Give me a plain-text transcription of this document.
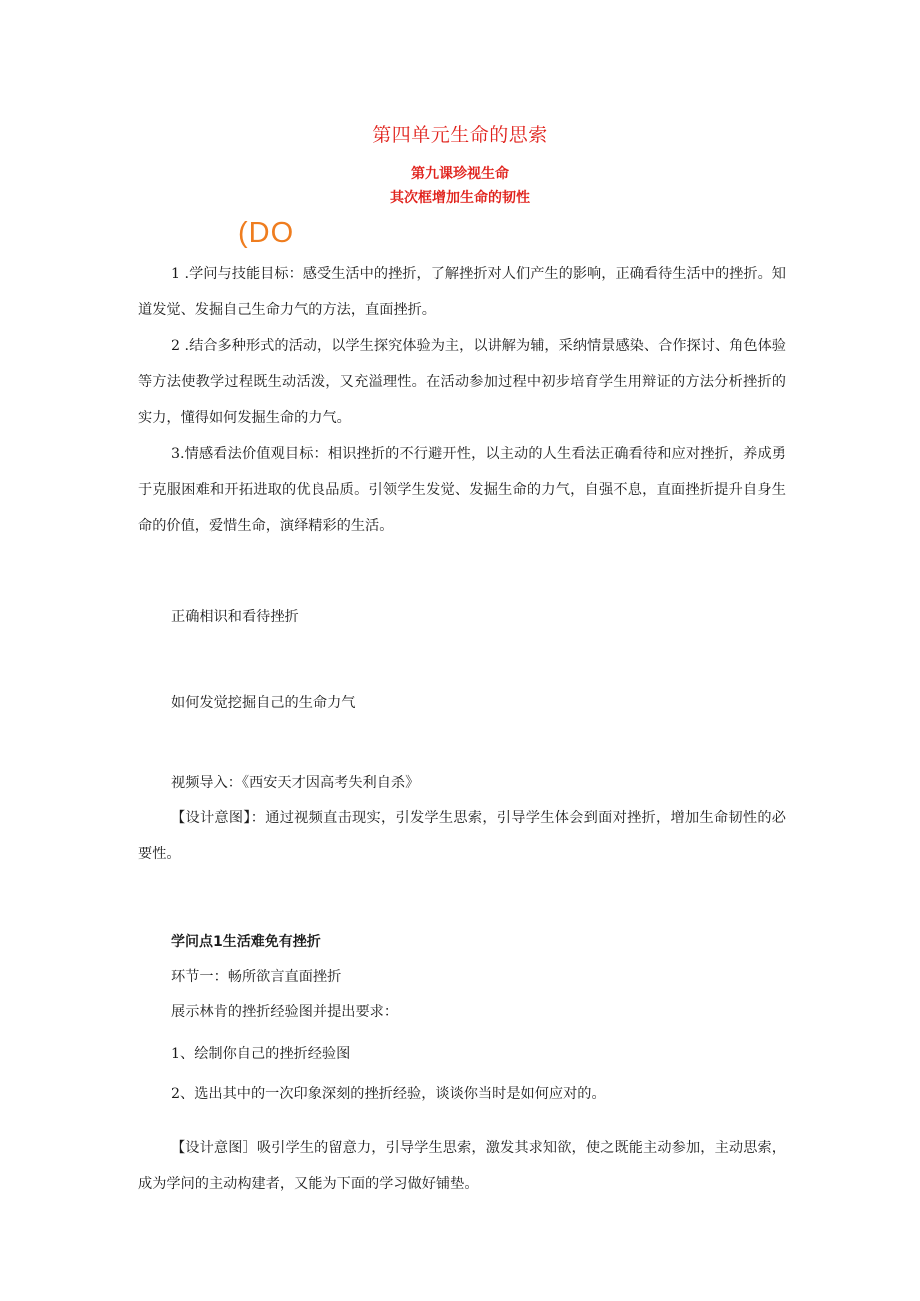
第四单元生命的思索
第九课珍视生命
其次框增加生命的韧性
(DO
1 .学问与技能目标：感受生活中的挫折，了解挫折对人们产生的影响，正确看待生活中的挫折。知道发觉、发掘自己生命力气的方法，直面挫折。
2 .结合多种形式的活动，以学生探究体验为主，以讲解为辅，采纳情景感染、合作探讨、角色体验等方法使教学过程既生动活泼，又充溢理性。在活动参加过程中初步培育学生用辩证的方法分析挫折的实力，懂得如何发掘生命的力气。
3.情感看法价值观目标：相识挫折的不行避开性，以主动的人生看法正确看待和应对挫折，养成勇于克服困难和开拓进取的优良品质。引领学生发觉、发掘生命的力气，自强不息，直面挫折提升自身生命的价值，爱惜生命，演绎精彩的生活。
正确相识和看待挫折
如何发觉挖掘自己的生命力气
视频导入：《西安天才因高考失利自杀》
【设计意图】：通过视频直击现实，引发学生思索，引导学生体会到面对挫折，增加生命韧性的必要性。
学问点1生活难免有挫折
环节一：畅所欲言直面挫折
展示林肯的挫折经验图并提出要求：
1、绘制你自己的挫折经验图
2、选出其中的一次印象深刻的挫折经验，谈谈你当时是如何应对的。
【设计意图］吸引学生的留意力，引导学生思索，激发其求知欲，使之既能主动参加，主动思索，成为学问的主动构建者，又能为下面的学习做好铺垫。
